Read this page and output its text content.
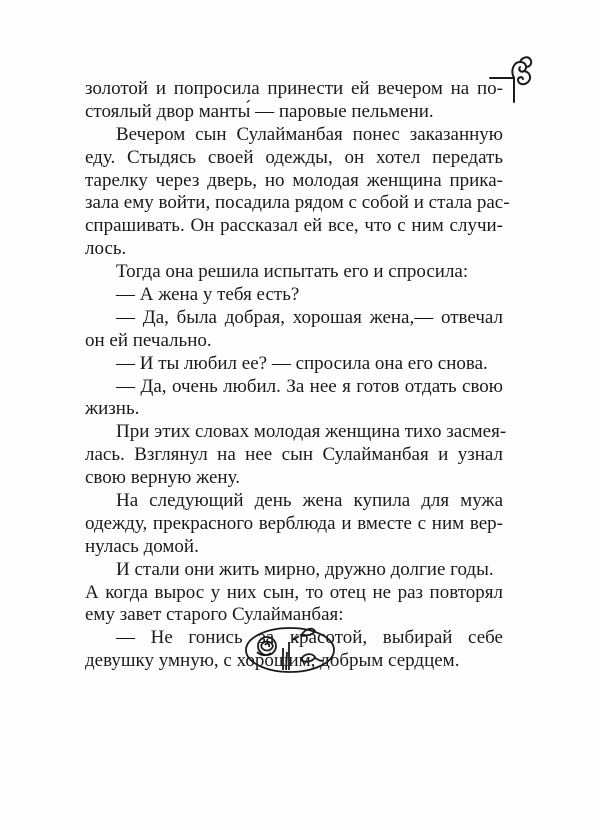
золотой и попросила принести ей вечером на по-
стоялый двор манты́ — паровые пельмени.
Вечером сын Сулайманбая понес заказанную
еду. Стыдясь своей одежды, он хотел передать
тарелку через дверь, но молодая женщина прика-
зала ему войти, посадила рядом с собой и стала рас-
спрашивать. Он рассказал ей все, что с ним случи-
лось.
Тогда она решила испытать его и спросила:
— А жена у тебя есть?
— Да, была добрая, хорошая жена,— отвечал
он ей печально.
— И ты любил ее? — спросила она его снова.
— Да, очень любил. За нее я готов отдать свою
жизнь.
При этих словах молодая женщина тихо засмея-
лась. Взглянул на нее сын Сулайманбая и узнал
свою верную жену.
На следующий день жена купила для мужа
одежду, прекрасного верблюда и вместе с ним вер-
нулась домой.
И стали они жить мирно, дружно долгие годы.
А когда вырос у них сын, то отец не раз повторял
ему завет старого Сулайманбая:
— Не гонись за красотой, выбирай себе
девушку умную, с хорошим, добрым сердцем.
